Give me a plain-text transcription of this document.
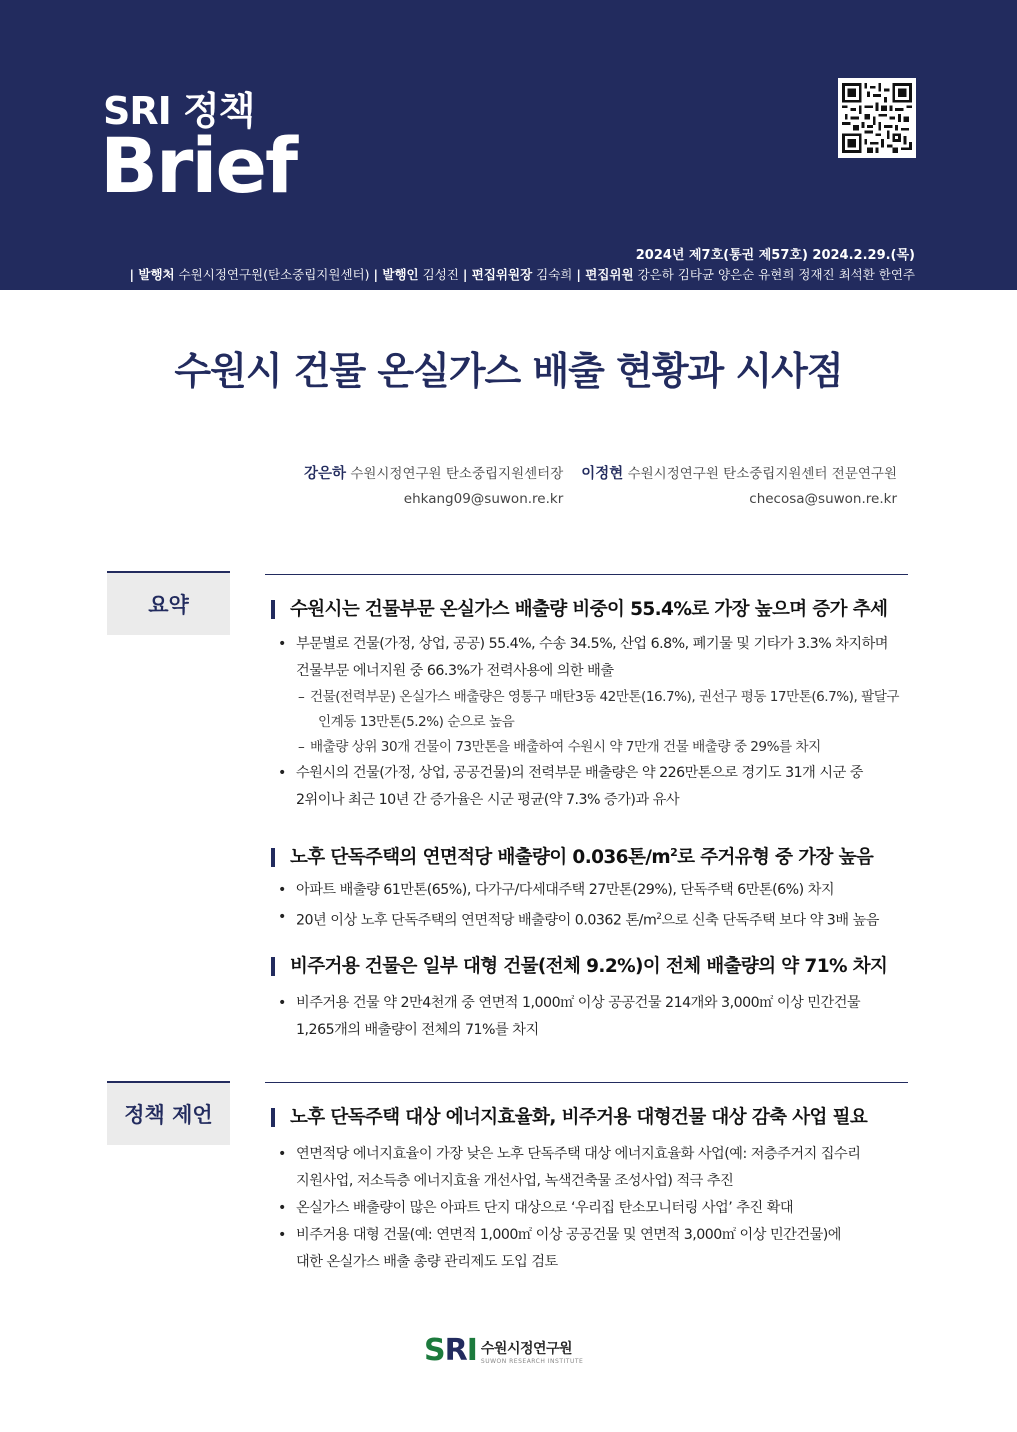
SRI 정책
Brief
2024년 제7호(통권 제57호) 2024.2.29.(목)
| 발행처 수원시정연구원(탄소중립지원센터) | 발행인 김성진 | 편집위원장 김숙희 | 편집위원 강은하 김타균 양은순 유현희 정재진 최석환 한연주
수원시 건물 온실가스 배출 현황과 시사점
강은하 수원시정연구원 탄소중립지원센터장
ehkang09@suwon.re.kr
이정현 수원시정연구원 탄소중립지원센터 전문연구원
checosa@suwon.re.kr
요약	수원시는 건물부문 온실가스 배출량 비중이 55.4%로 가장 높으며 증가 추세
• 부문별로 건물(가정, 상업, 공공) 55.4%, 수송 34.5%, 산업 6.8%, 폐기물 및 기타가 3.3% 차지하며
건물부문 에너지원 중 66.3%가 전력사용에 의한 배출
– 건물(전력부문) 온실가스 배출량은 영통구 매탄3동 42만톤(16.7%), 권선구 평동 17만톤(6.7%), 팔달구
인계동 13만톤(5.2%) 순으로 높음
– 배출량 상위 30개 건물이 73만톤을 배출하여 수원시 약 7만개 건물 배출량 중 29%를 차지
• 수원시의 건물(가정, 상업, 공공건물)의 전력부문 배출량은 약 226만톤으로 경기도 31개 시군 중
2위이나 최근 10년 간 증가율은 시군 평균(약 7.3% 증가)과 유사
노후 단독주택의 연면적당 배출량이 0.036톤$/m^2$로 주거유형 중 가장 높음
• 아파트 배출량 61만톤(65%), 다가구/다세대주택 27만톤(29%), 단독주택 6만톤(6%) 차지
• 20년 이상 노후 단독주택의 연면적당 배출량이 0.0362 톤$/m^2$으로 신축 단독주택 보다 약 3배 높음
비주거용 건물은 일부 대형 건물(전체 9.2%)이 전체 배출량의 약 71% 차지
• 비주거용 건물 약 2만4천개 중 연면적 1,000㎡ 이상 공공건물 214개와 3,000㎡ 이상 민간건물
1,265개의 배출량이 전체의 71%를 차지
정책 제언	노후 단독주택 대상 에너지효율화, 비주거용 대형건물 대상 감축 사업 필요
• 연면적당 에너지효율이 가장 낮은 노후 단독주택 대상 에너지효율화 사업(예: 저층주거지 집수리
지원사업, 저소득층 에너지효율 개선사업, 녹색건축물 조성사업) 적극 추진
• 온실가스 배출량이 많은 아파트 단지 대상으로 ‘우리집 탄소모니터링 사업’ 추진 확대
• 비주거용 대형 건물(예: 연면적 1,000㎡ 이상 공공건물 및 연면적 3,000㎡ 이상 민간건물)에
대한 온실가스 배출 총량 관리제도 도입 검토
SRI 수원시정연구원
SUWON RESEARCH INSTITUTE
